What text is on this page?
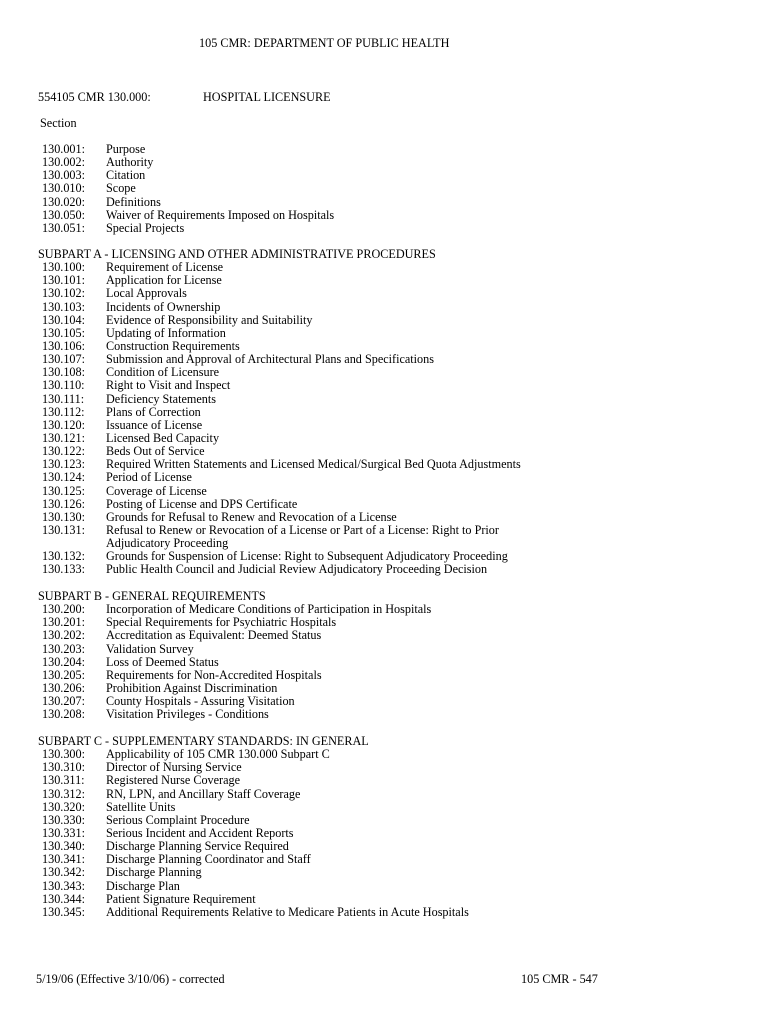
105 CMR: DEPARTMENT OF PUBLIC HEALTH
554105 CMR 130.000:	HOSPITAL LICENSURE
Section
130.001: Purpose
130.002: Authority
130.003: Citation
130.010: Scope
130.020: Definitions
130.050: Waiver of Requirements Imposed on Hospitals
130.051: Special Projects
SUBPART A - LICENSING AND OTHER ADMINISTRATIVE PROCEDURES
130.100: Requirement of License
130.101: Application for License
130.102: Local Approvals
130.103: Incidents of Ownership
130.104: Evidence of Responsibility and Suitability
130.105: Updating of Information
130.106: Construction Requirements
130.107: Submission and Approval of Architectural Plans and Specifications
130.108: Condition of Licensure
130.110: Right to Visit and Inspect
130.111: Deficiency Statements
130.112: Plans of Correction
130.120: Issuance of License
130.121: Licensed Bed Capacity
130.122: Beds Out of Service
130.123: Required Written Statements and Licensed Medical/Surgical Bed Quota Adjustments
130.124: Period of License
130.125: Coverage of License
130.126: Posting of License and DPS Certificate
130.130: Grounds for Refusal to Renew and Revocation of a License
130.131: Refusal to Renew or Revocation of a License or Part of a License: Right to Prior
Adjudicatory Proceeding
130.132: Grounds for Suspension of License: Right to Subsequent Adjudicatory Proceeding
130.133: Public Health Council and Judicial Review Adjudicatory Proceeding Decision
SUBPART B - GENERAL REQUIREMENTS
130.200: Incorporation of Medicare Conditions of Participation in Hospitals
130.201: Special Requirements for Psychiatric Hospitals
130.202: Accreditation as Equivalent: Deemed Status
130.203: Validation Survey
130.204: Loss of Deemed Status
130.205: Requirements for Non-Accredited Hospitals
130.206: Prohibition Against Discrimination
130.207: County Hospitals - Assuring Visitation
130.208: Visitation Privileges - Conditions
SUBPART C - SUPPLEMENTARY STANDARDS: IN GENERAL
130.300: Applicability of 105 CMR 130.000 Subpart C
130.310: Director of Nursing Service
130.311: Registered Nurse Coverage
130.312: RN, LPN, and Ancillary Staff Coverage
130.320: Satellite Units
130.330: Serious Complaint Procedure
130.331: Serious Incident and Accident Reports
130.340: Discharge Planning Service Required
130.341: Discharge Planning Coordinator and Staff
130.342: Discharge Planning
130.343: Discharge Plan
130.344: Patient Signature Requirement
130.345: Additional Requirements Relative to Medicare Patients in Acute Hospitals
5/19/06 (Effective 3/10/06) - corrected	105 CMR - 547
